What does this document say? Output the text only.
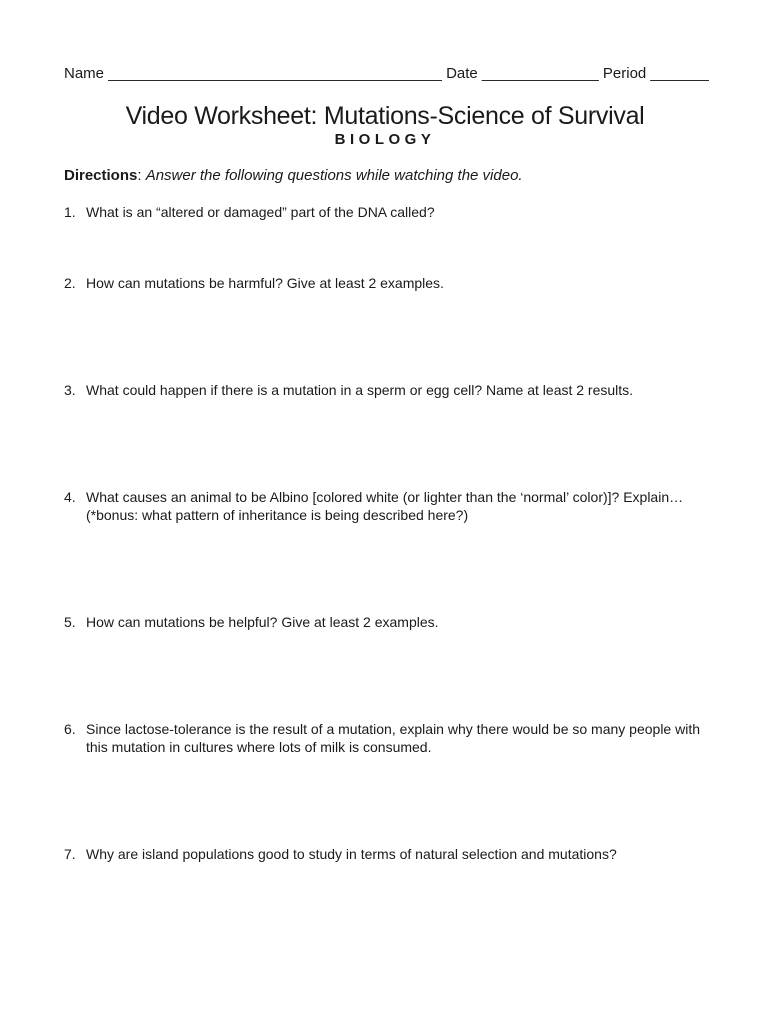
Name ________________________________________ Date ______________ Period _______
Video Worksheet: Mutations-Science of Survival
BIOLOGY
Directions: Answer the following questions while watching the video.
1. What is an “altered or damaged” part of the DNA called?
2. How can mutations be harmful? Give at least 2 examples.
3. What could happen if there is a mutation in a sperm or egg cell? Name at least 2 results.
4. What causes an animal to be Albino [colored white (or lighter than the ‘normal’ color)]? Explain…
(*bonus: what pattern of inheritance is being described here?)
5. How can mutations be helpful? Give at least 2 examples.
6. Since lactose-tolerance is the result of a mutation, explain why there would be so many people with
this mutation in cultures where lots of milk is consumed.
7. Why are island populations good to study in terms of natural selection and mutations?
